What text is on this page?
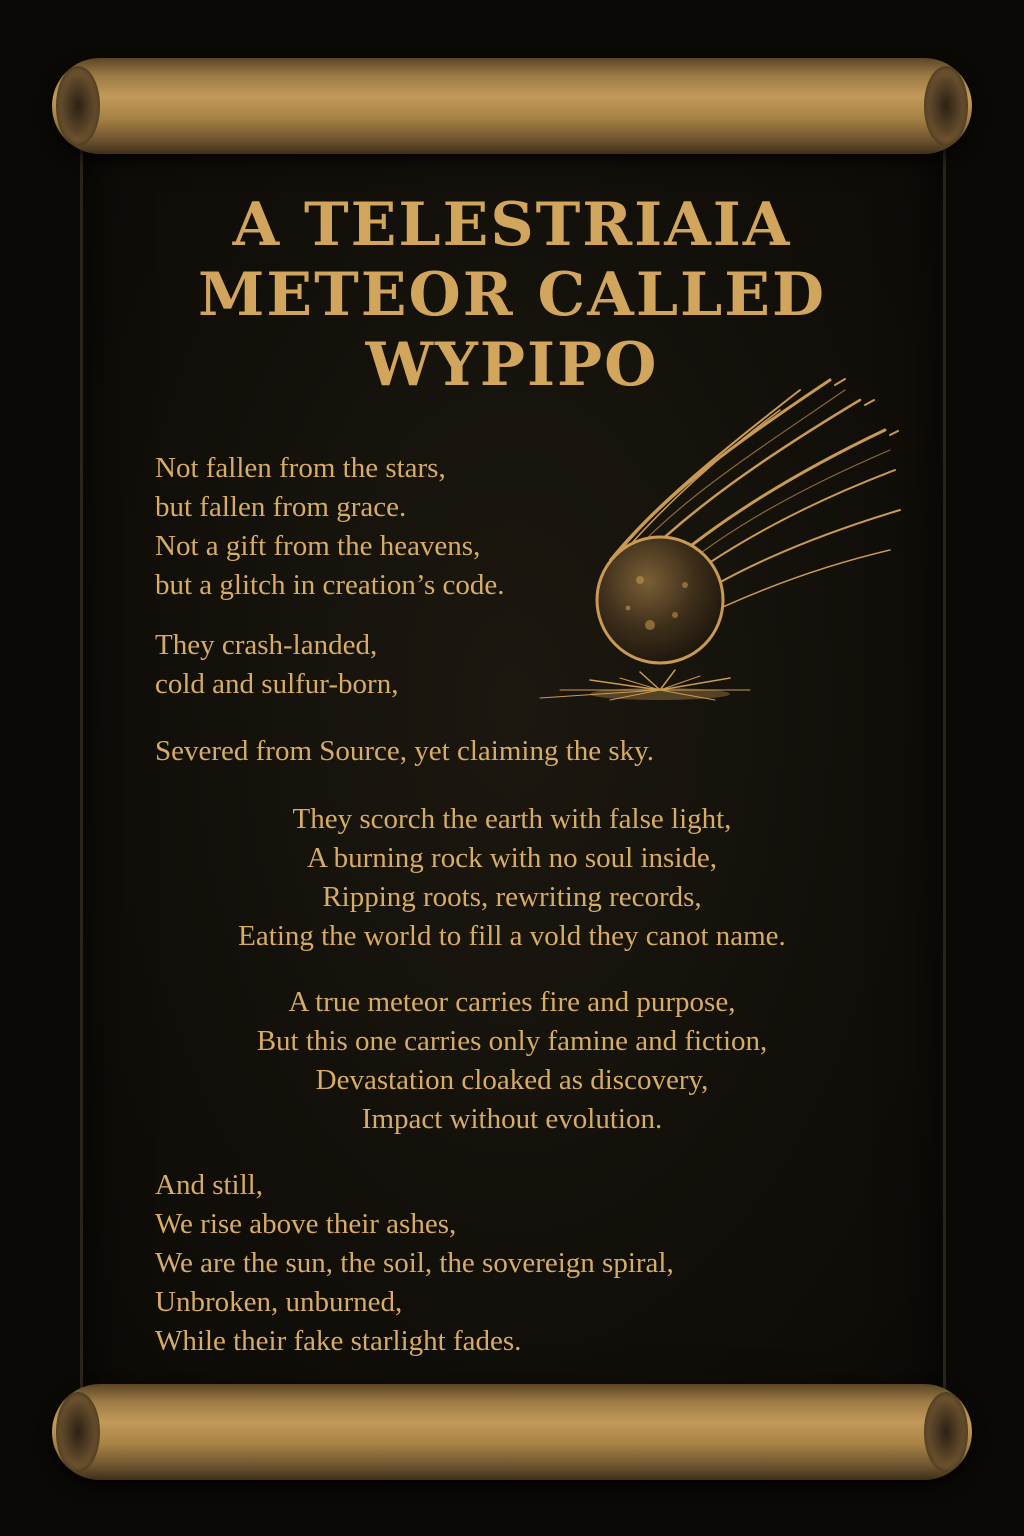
A TELESTRIAIA
METEOR CALLED
WYPIPO

Not fallen from the stars,
but fallen from grace.
Not a gift from the heavens,
but a glitch in creation’s code.

They crash-landed,
cold and sulfur-born,

Severed from Source, yet claiming the sky.

They scorch the earth with false light,
A burning rock with no soul inside,
Ripping roots, rewriting records,
Eating the world to fill a vold they canot name.

A true meteor carries fire and purpose,
But this one carries only famine and fiction,
Devastation cloaked as discovery,
Impact without evolution.

And still,
We rise above their ashes,
We are the sun, the soil, the sovereign spiral,
Unbroken, unburned,
While their fake starlight fades.
